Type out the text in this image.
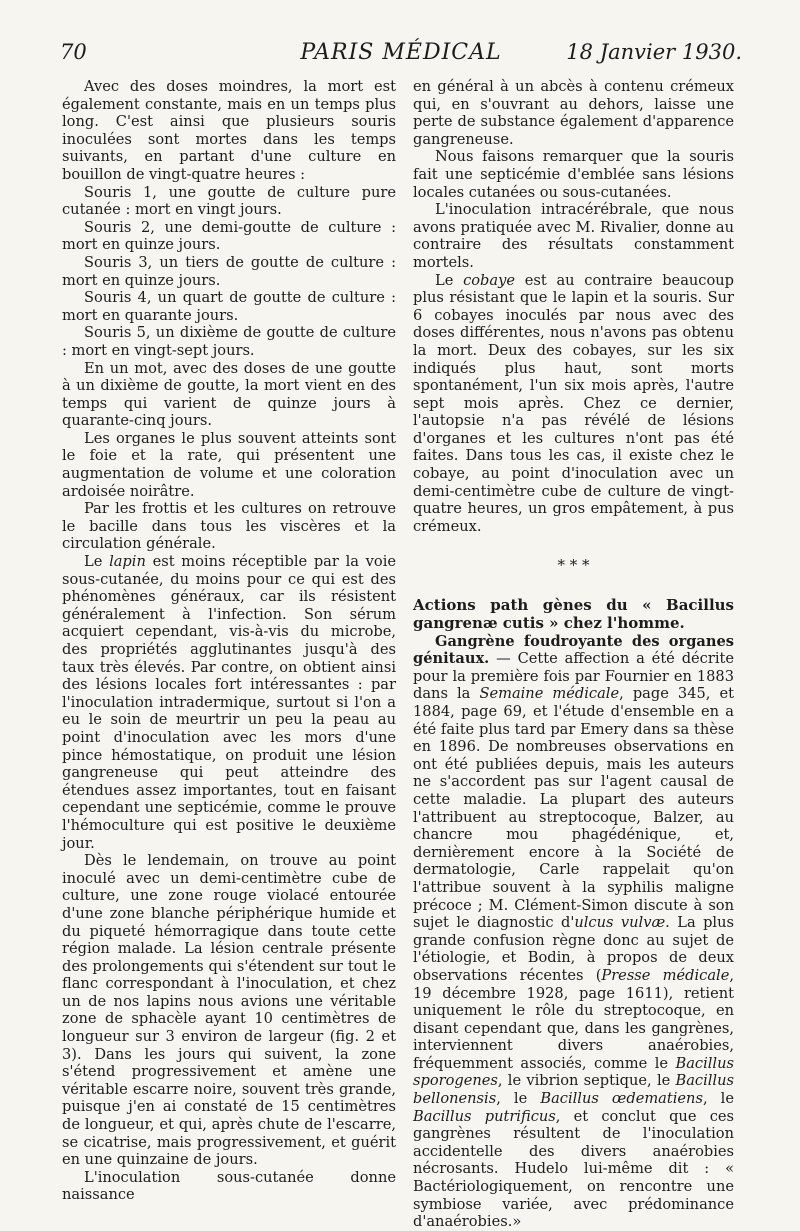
70	PARIS MÉDICAL	18 Janvier 1930.

Avec des doses moindres, la mort est également constante, mais en un temps plus long. C'est ainsi que plusieurs souris inoculées sont mortes dans les temps suivants, en partant d'une culture en bouillon de vingt-quatre heures :

Souris 1, une goutte de culture pure cutanée : mort en vingt jours.

Souris 2, une demi-goutte de culture : mort en quinze jours.

Souris 3, un tiers de goutte de culture : mort en quinze jours.

Souris 4, un quart de goutte de culture : mort en quarante jours.

Souris 5, un dixième de goutte de culture : mort en vingt-sept jours.

En un mot, avec des doses de une goutte à un dixième de goutte, la mort vient en des temps qui varient de quinze jours à quarante-cinq jours.

Les organes le plus souvent atteints sont le foie et la rate, qui présentent une augmentation de volume et une coloration ardoisée noirâtre.

Par les frottis et les cultures on retrouve le bacille dans tous les viscères et la circulation générale.

Le lapin est moins réceptible par la voie sous-cutanée, du moins pour ce qui est des phénomènes généraux, car ils résistent généralement à l'infection. Son sérum acquiert cependant, vis-à-vis du microbe, des propriétés agglutinantes jusqu'à des taux très élevés. Par contre, on obtient ainsi des lésions locales fort intéressantes : par l'inoculation intradermique, surtout si l'on a eu le soin de meurtrir un peu la peau au point d'inoculation avec les mors d'une pince hémostatique, on produit une lésion gangreneuse qui peut atteindre des étendues assez importantes, tout en faisant cependant une septicémie, comme le prouve l'hémoculture qui est positive le deuxième jour.

Dès le lendemain, on trouve au point inoculé avec un demi-centimètre cube de culture, une zone rouge violacé entourée d'une zone blanche périphérique humide et du piqueté hémorragique dans toute cette région malade. La lésion centrale présente des prolongements qui s'étendent sur tout le flanc correspondant à l'inoculation, et chez un de nos lapins nous avions une véritable zone de sphacèle ayant 10 centimètres de longueur sur 3 environ de largeur (fig. 2 et 3). Dans les jours qui suivent, la zone s'étend progressivement et amène une véritable escarre noire, souvent très grande, puisque j'en ai constaté de 15 centimètres de longueur, et qui, après chute de l'escarre, se cicatrise, mais progressivement, et guérit en une quinzaine de jours.

L'inoculation sous-cutanée donne naissance

en général à un abcès à contenu crémeux qui, en s'ouvrant au dehors, laisse une perte de substance également d'apparence gangreneuse.

Nous faisons remarquer que la souris fait une septicémie d'emblée sans lésions locales cutanées ou sous-cutanées.

L'inoculation intracérébrale, que nous avons pratiquée avec M. Rivalier, donne au contraire des résultats constamment mortels.

Le cobaye est au contraire beaucoup plus résistant que le lapin et la souris. Sur 6 cobayes inoculés par nous avec des doses différentes, nous n'avons pas obtenu la mort. Deux des cobayes, sur les six indiqués plus haut, sont morts spontanément, l'un six mois après, l'autre sept mois après. Chez ce dernier, l'autopsie n'a pas révélé de lésions d'organes et les cultures n'ont pas été faites. Dans tous les cas, il existe chez le cobaye, au point d'inoculation avec un demi-centimètre cube de culture de vingt-quatre heures, un gros empâtement, à pus crémeux.

* * *

Actions path gènes du « Bacillus gangrenæ cutis » chez l'homme.

Gangrène foudroyante des organes génitaux. — Cette affection a été décrite pour la première fois par Fournier en 1883 dans la Semaine médicale, page 345, et 1884, page 69, et l'étude d'ensemble en a été faite plus tard par Emery dans sa thèse en 1896. De nombreuses observations en ont été publiées depuis, mais les auteurs ne s'accordent pas sur l'agent causal de cette maladie. La plupart des auteurs l'attribuent au streptocoque, Balzer, au chancre mou phagédénique, et, dernièrement encore à la Société de dermatologie, Carle rappelait qu'on l'attribue souvent à la syphilis maligne précoce ; M. Clément-Simon discute à son sujet le diagnostic d'ulcus vulvæ. La plus grande confusion règne donc au sujet de l'étiologie, et Bodin, à propos de deux observations récentes (Presse médicale, 19 décembre 1928, page 1611), retient uniquement le rôle du streptocoque, en disant cependant que, dans les gangrènes, interviennent divers anaérobies, fréquemment associés, comme le Bacillus sporogenes, le vibrion septique, le Bacillus bellonensis, le Bacillus œdematiens, le Bacillus putrificus, et conclut que ces gangrènes résultent de l'inoculation accidentelle des divers anaérobies nécrosants. Hudelo lui-même dit : « Bactériologiquement, on rencontre une symbiose variée, avec prédominance d'anaérobies.»
